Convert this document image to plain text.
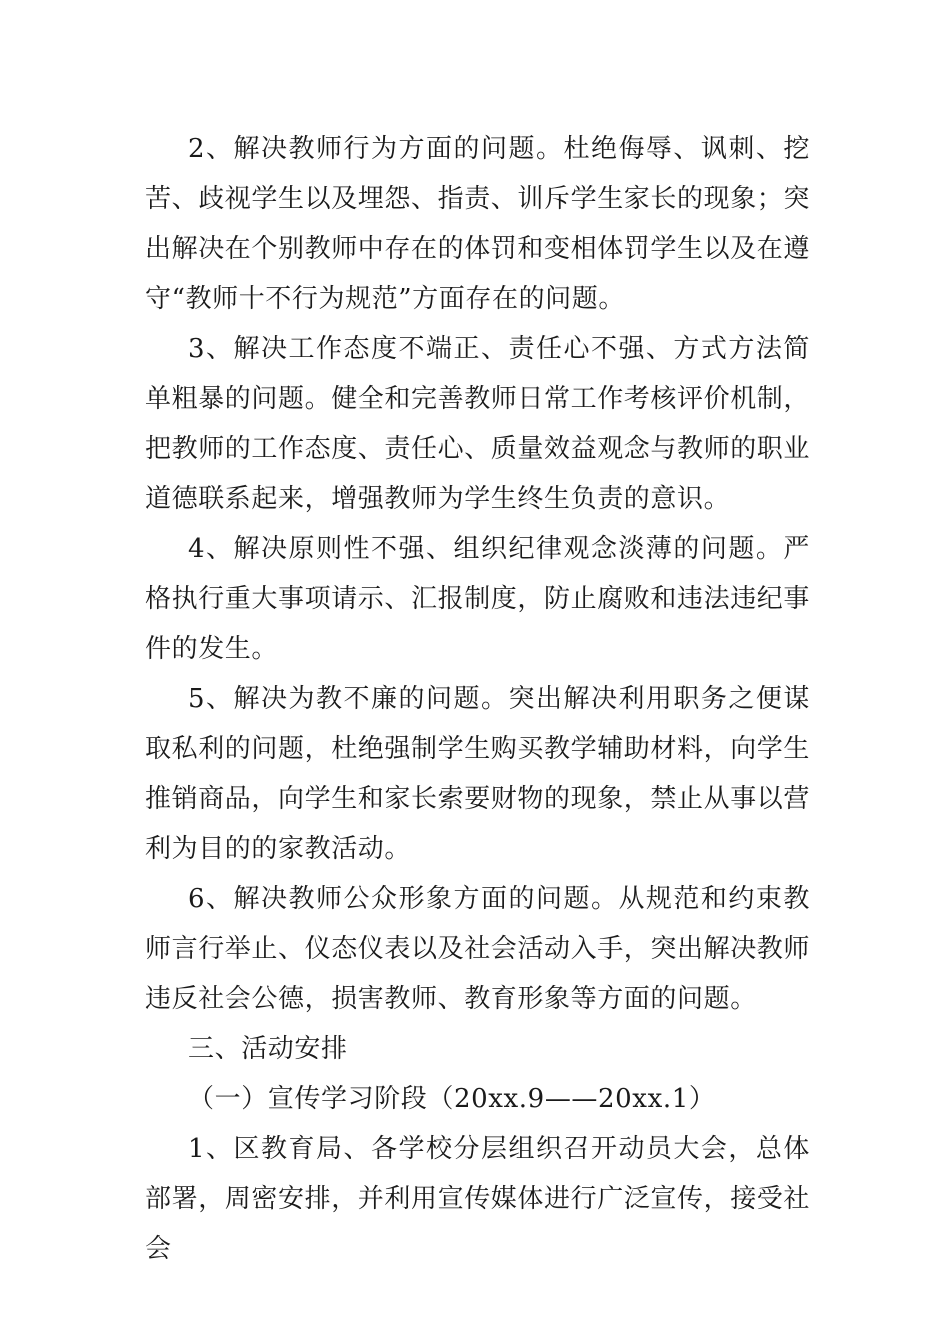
2、解决教师行为方面的问题。杜绝侮辱、讽刺、挖苦、歧视学生以及埋怨、指责、训斥学生家长的现象；突出解决在个别教师中存在的体罚和变相体罚学生以及在遵守“教师十不行为规范”方面存在的问题。

3、解决工作态度不端正、责任心不强、方式方法简单粗暴的问题。健全和完善教师日常工作考核评价机制，把教师的工作态度、责任心、质量效益观念与教师的职业道德联系起来，增强教师为学生终生负责的意识。

4、解决原则性不强、组织纪律观念淡薄的问题。严格执行重大事项请示、汇报制度，防止腐败和违法违纪事件的发生。

5、解决为教不廉的问题。突出解决利用职务之便谋取私利的问题，杜绝强制学生购买教学辅助材料，向学生推销商品，向学生和家长索要财物的现象，禁止从事以营利为目的的家教活动。

6、解决教师公众形象方面的问题。从规范和约束教师言行举止、仪态仪表以及社会活动入手，突出解决教师违反社会公德，损害教师、教育形象等方面的问题。

三、活动安排

（一）宣传学习阶段（20xx.9——20xx.1）

1、区教育局、各学校分层组织召开动员大会，总体部署，周密安排，并利用宣传媒体进行广泛宣传，接受社会
